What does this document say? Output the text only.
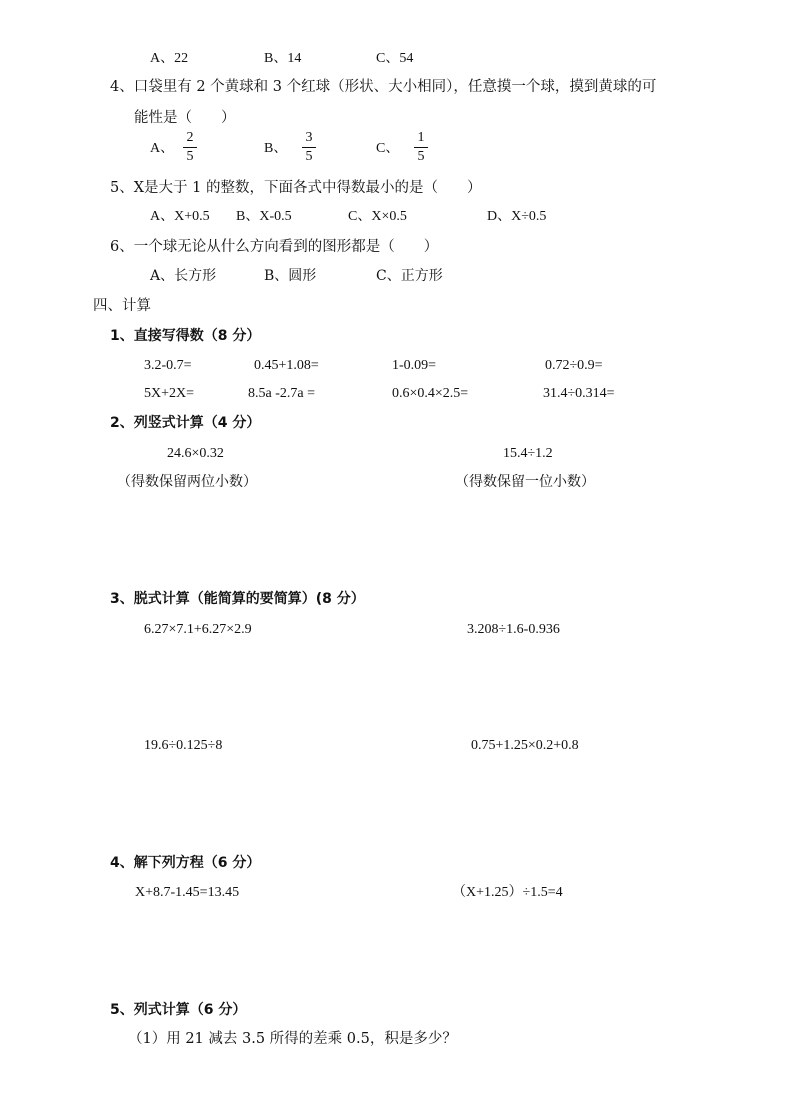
A、22	B、14	C、54
4、口袋里有 2 个黄球和 3 个红球（形状、大小相同），任意摸一个球，摸到黄球的可
能性是（　　）
A、
2
5
B、
3
5
C、
1
5
5、X是大于 1 的整数，下面各式中得数最小的是（　　）
A、X+0.5 B、X-0.5	C、X×0.5	D、X÷0.5
6、一个球无论从什么方向看到的图形都是（　　）
A、长方形	B、圆形	C、正方形
四、计算
1、直接写得数（8 分）
3.2-0.7=	0.45+1.08=	1-0.09=	0.72÷0.9=
5X+2X=	8.5a -2.7a =	0.6×0.4×2.5=	31.4÷0.314=
2、列竖式计算（4 分）
24.6×0.32
（得数保留两位小数）
15.4÷1.2
（得数保留一位小数）
3、脱式计算（能简算的要简算）(8 分）
6.27×7.1+6.27×2.9	3.208÷1.6-0.936
19.6÷0.125÷8	0.75+1.25×0.2+0.8
4、解下列方程（6 分）
X+8.7-1.45=13.45	（X+1.25）÷1.5=4
5、列式计算（6 分）
（1）用 21 减去 3.5 所得的差乘 0.5，积是多少？
